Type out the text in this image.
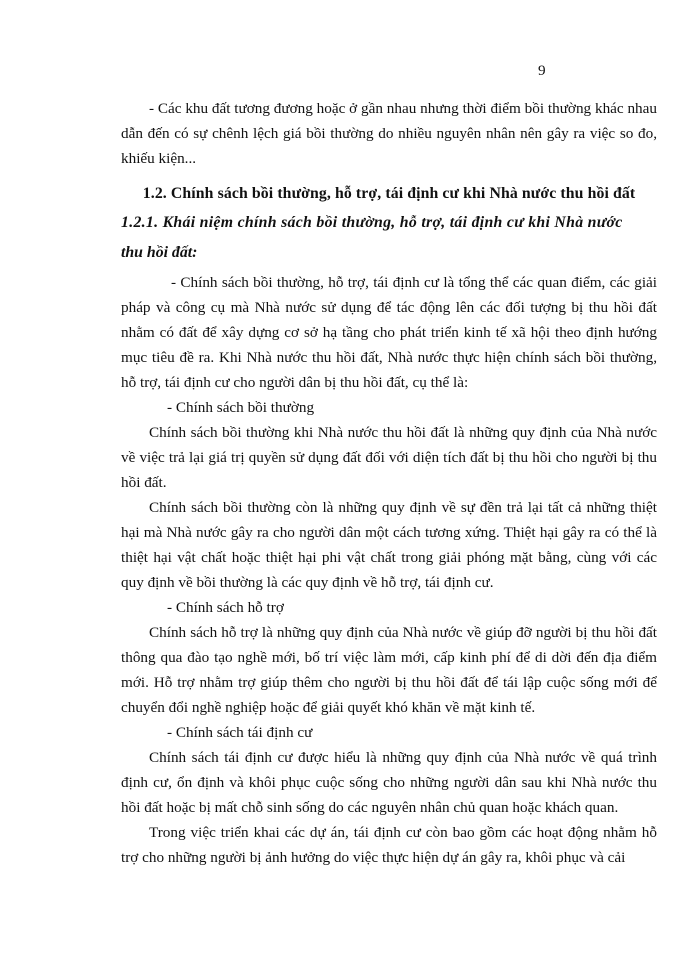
9

- Các khu đất tương đương hoặc ở gần nhau nhưng thời điểm bồi thường khác nhau dẫn đến có sự chênh lệch giá bồi thường do nhiều nguyên nhân nên gây ra việc so đo, khiếu kiện...

1.2. Chính sách bồi thường, hỗ trợ, tái định cư khi Nhà nước thu hồi đất

1.2.1. Khái niệm chính sách bồi thường, hỗ trợ, tái định cư khi Nhà nước

thu hồi đất:

- Chính sách bồi thường, hỗ trợ, tái định cư là tổng thể các quan điểm, các giải pháp và công cụ mà Nhà nước sử dụng để tác động lên các đối tượng bị thu hồi đất nhằm có đất để xây dựng cơ sở hạ tầng cho phát triển kinh tế xã hội theo định hướng mục tiêu đề ra. Khi Nhà nước thu hồi đất, Nhà nước thực hiện chính sách bồi thường, hỗ trợ, tái định cư cho người dân bị thu hồi đất, cụ thể là:

- Chính sách bồi thường

Chính sách bồi thường khi Nhà nước thu hồi đất là những quy định của Nhà nước về việc trả lại giá trị quyền sử dụng đất đối với diện tích đất bị thu hồi cho người bị thu hồi đất.

Chính sách bồi thường còn là những quy định về sự đền trả lại tất cả những thiệt hại mà Nhà nước gây ra cho người dân một cách tương xứng. Thiệt hại gây ra có thể là thiệt hại vật chất hoặc thiệt hại phi vật chất trong giải phóng mặt bằng, cùng với các quy định về bồi thường là các quy định về hỗ trợ, tái định cư.

- Chính sách hỗ trợ

Chính sách hỗ trợ là những quy định của Nhà nước về giúp đỡ người bị thu hồi đất thông qua đào tạo nghề mới, bố trí việc làm mới, cấp kinh phí để di dời đến địa điểm mới. Hỗ trợ nhằm trợ giúp thêm cho người bị thu hồi đất để tái lập cuộc sống mới để chuyển đổi nghề nghiệp hoặc để giải quyết khó khăn về mặt kinh tế.

- Chính sách tái định cư

Chính sách tái định cư được hiểu là những quy định của Nhà nước về quá trình định cư, ổn định và khôi phục cuộc sống cho những người dân sau khi Nhà nước thu hồi đất hoặc bị mất chỗ sinh sống do các nguyên nhân chủ quan hoặc khách quan.

Trong việc triển khai các dự án, tái định cư còn bao gồm các hoạt động nhằm hỗ trợ cho những người bị ảnh hưởng do việc thực hiện dự án gây ra, khôi phục và cải
